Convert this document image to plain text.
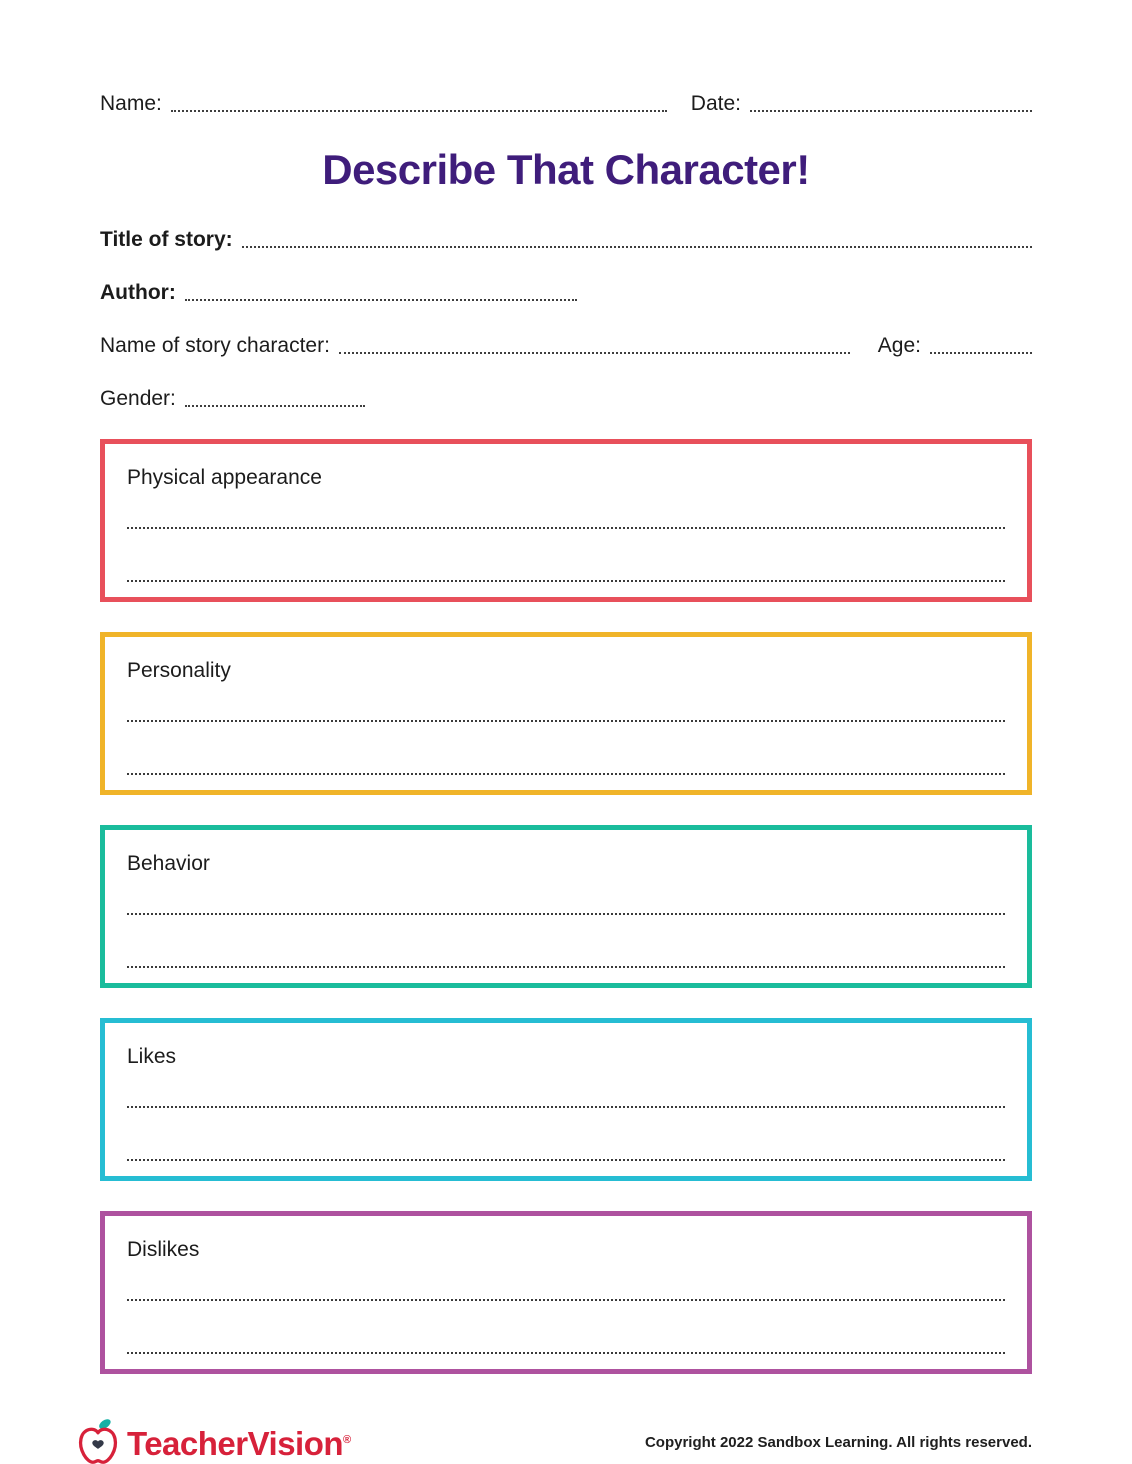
Name:	Date:
Describe That Character!
Title of story:
Author:
Name of story character:	Age:
Gender:
Physical appearance
Personality
Behavior
Likes
Dislikes
TeacherVision®	Copyright 2022 Sandbox Learning. All rights reserved.
